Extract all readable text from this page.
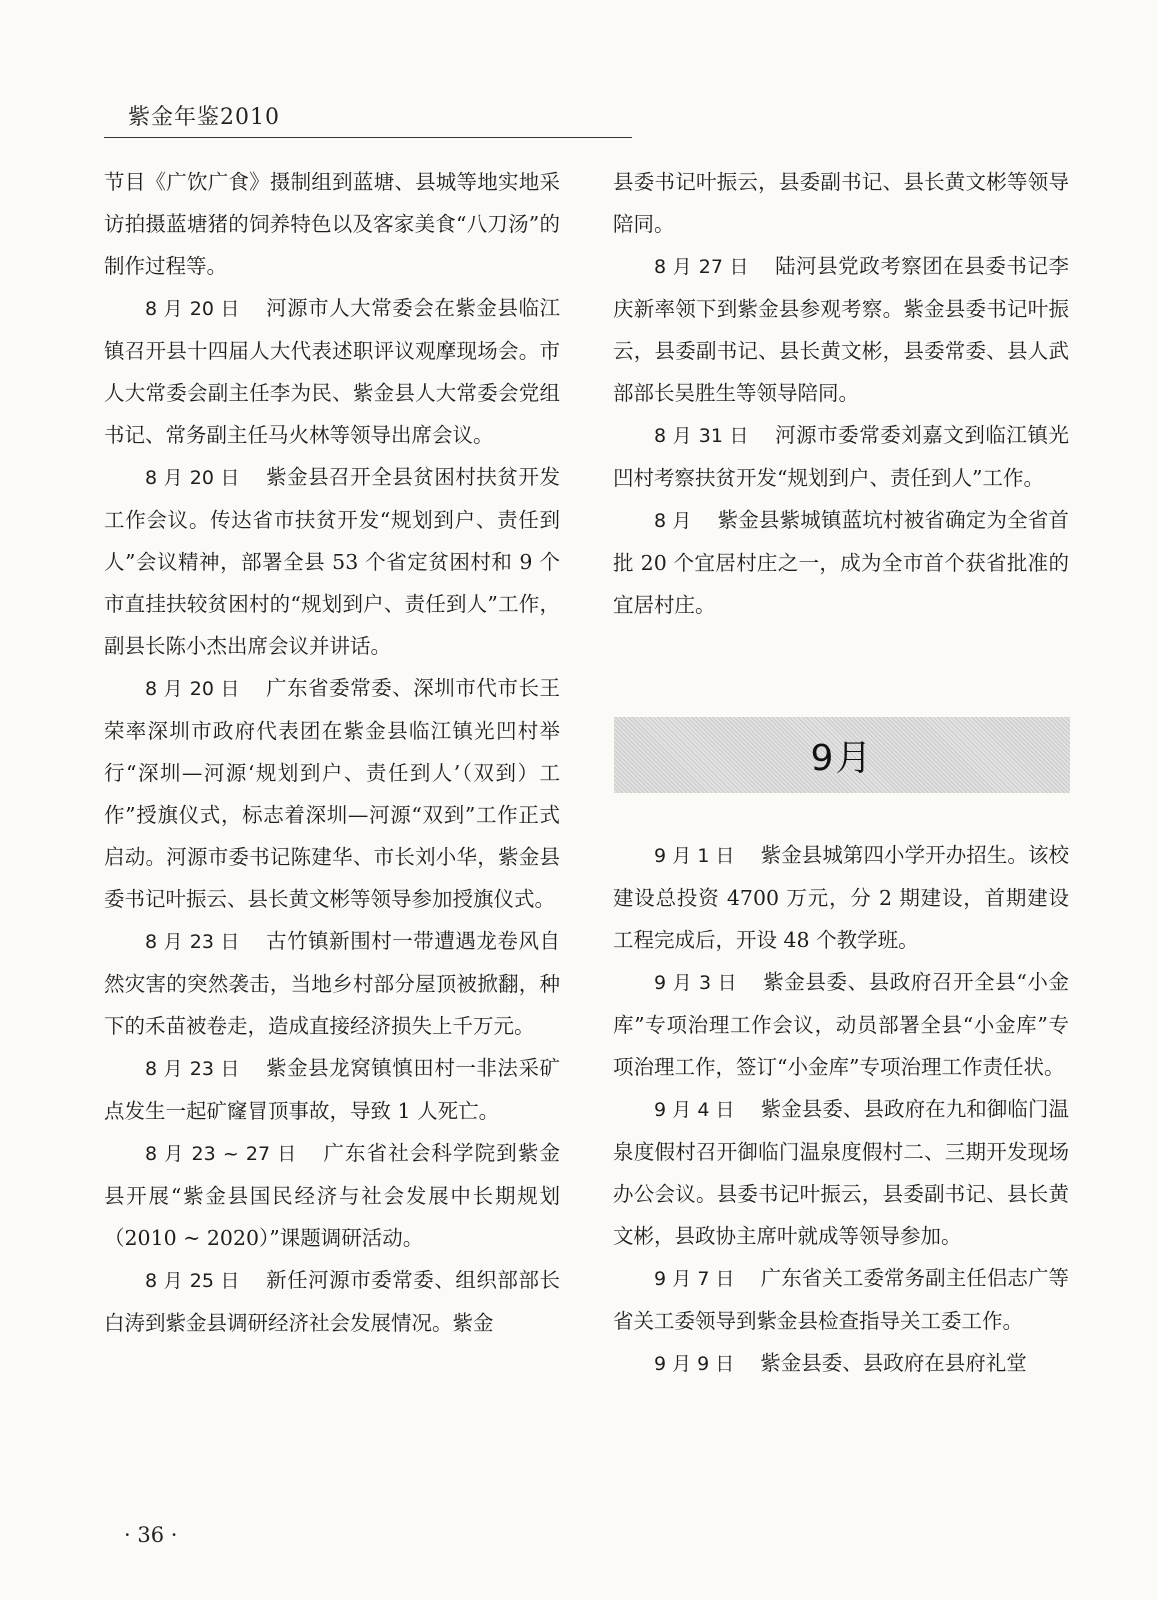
紫金年鉴2010

节目《广饮广食》摄制组到蓝塘、县城等地实地采访拍摄蓝塘猪的饲养特色以及客家美食“八刀汤”的制作过程等。

8 月 20 日 河源市人大常委会在紫金县临江镇召开县十四届人大代表述职评议观摩现场会。市人大常委会副主任李为民、紫金县人大常委会党组书记、常务副主任马火林等领导出席会议。

8 月 20 日 紫金县召开全县贫困村扶贫开发工作会议。传达省市扶贫开发“规划到户、责任到人”会议精神，部署全县 53 个省定贫困村和 9 个市直挂扶较贫困村的“规划到户、责任到人”工作，副县长陈小杰出席会议并讲话。

8 月 20 日 广东省委常委、深圳市代市长王荣率深圳市政府代表团在紫金县临江镇光凹村举行“深圳—河源‘规划到户、责任到人’（双到）工作”授旗仪式，标志着深圳—河源“双到”工作正式启动。河源市委书记陈建华、市长刘小华，紫金县委书记叶振云、县长黄文彬等领导参加授旗仪式。

8 月 23 日 古竹镇新围村一带遭遇龙卷风自然灾害的突然袭击，当地乡村部分屋顶被掀翻，种下的禾苗被卷走，造成直接经济损失上千万元。

8 月 23 日 紫金县龙窝镇慎田村一非法采矿点发生一起矿窿冒顶事故，导致 1 人死亡。

8 月 23 ~ 27 日 广东省社会科学院到紫金县开展“紫金县国民经济与社会发展中长期规划（2010 ~ 2020）”课题调研活动。

8 月 25 日 新任河源市委常委、组织部部长白涛到紫金县调研经济社会发展情况。紫金

县委书记叶振云，县委副书记、县长黄文彬等领导陪同。

8 月 27 日 陆河县党政考察团在县委书记李庆新率领下到紫金县参观考察。紫金县委书记叶振云，县委副书记、县长黄文彬，县委常委、县人武部部长吴胜生等领导陪同。

8 月 31 日 河源市委常委刘嘉文到临江镇光凹村考察扶贫开发“规划到户、责任到人”工作。

8 月 紫金县紫城镇蓝坑村被省确定为全省首批 20 个宜居村庄之一，成为全市首个获省批准的宜居村庄。

9月

9 月 1 日 紫金县城第四小学开办招生。该校建设总投资 4700 万元，分 2 期建设，首期建设工程完成后，开设 48 个教学班。

9 月 3 日 紫金县委、县政府召开全县“小金库”专项治理工作会议，动员部署全县“小金库”专项治理工作，签订“小金库”专项治理工作责任状。

9 月 4 日 紫金县委、县政府在九和御临门温泉度假村召开御临门温泉度假村二、三期开发现场办公会议。县委书记叶振云，县委副书记、县长黄文彬，县政协主席叶就成等领导参加。

9 月 7 日 广东省关工委常务副主任侣志广等省关工委领导到紫金县检查指导关工委工作。

9 月 9 日 紫金县委、县政府在县府礼堂

· 36 ·
